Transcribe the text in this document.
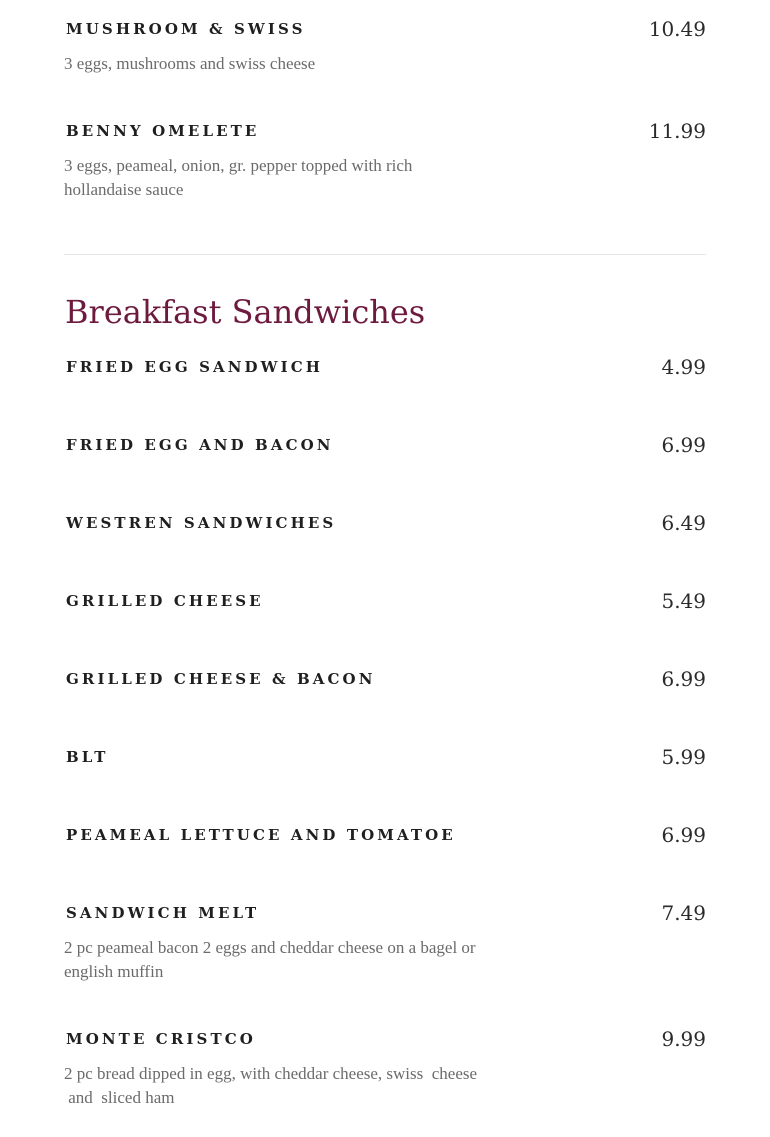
MUSHROOM & SWISS	10.49
3 eggs, mushrooms and swiss cheese
BENNY OMELETE	11.99
3 eggs, peameal, onion, gr. pepper topped with rich
hollandaise sauce
Breakfast Sandwiches
FRIED EGG SANDWICH	4.99
FRIED EGG AND BACON	6.99
WESTREN SANDWICHES	6.49
GRILLED CHEESE	5.49
GRILLED CHEESE & BACON	6.99
BLT	5.99
PEAMEAL LETTUCE AND TOMATOE	6.99
SANDWICH MELT	7.49
2 pc peameal bacon 2 eggs and cheddar cheese on a bagel or
english muffin
MONTE CRISTCO	9.99
2 pc bread dipped in egg, with cheddar cheese, swiss  cheese
and  sliced ham
